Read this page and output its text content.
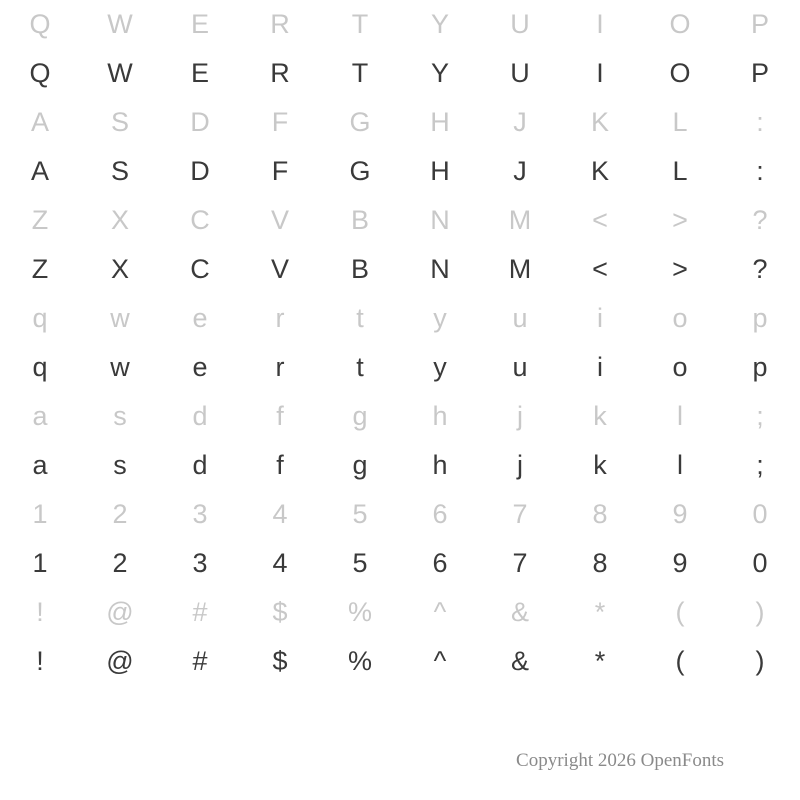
Q W E R T Y U I O P
Q W E R T Y U I O P
A S D F G H J K L	:
A S D F G H J K L	:
Z X C V B N M < > ?
Z X C V B N M < > ?
q w e	r	t	y u	i	o p
q w e	r	t	y u	i	o p
a s d	f	g h	j	k	l	;
a s d	f	g h	j	k	l	;
1 2 3 4 5 6 7 8 9 0
1 2 3 4 5 6 7 8 9 0
! @ # $ % ^ & *	(	)
! @ # $ % ^ & *	(	)
Copyright 2026 OpenFonts
